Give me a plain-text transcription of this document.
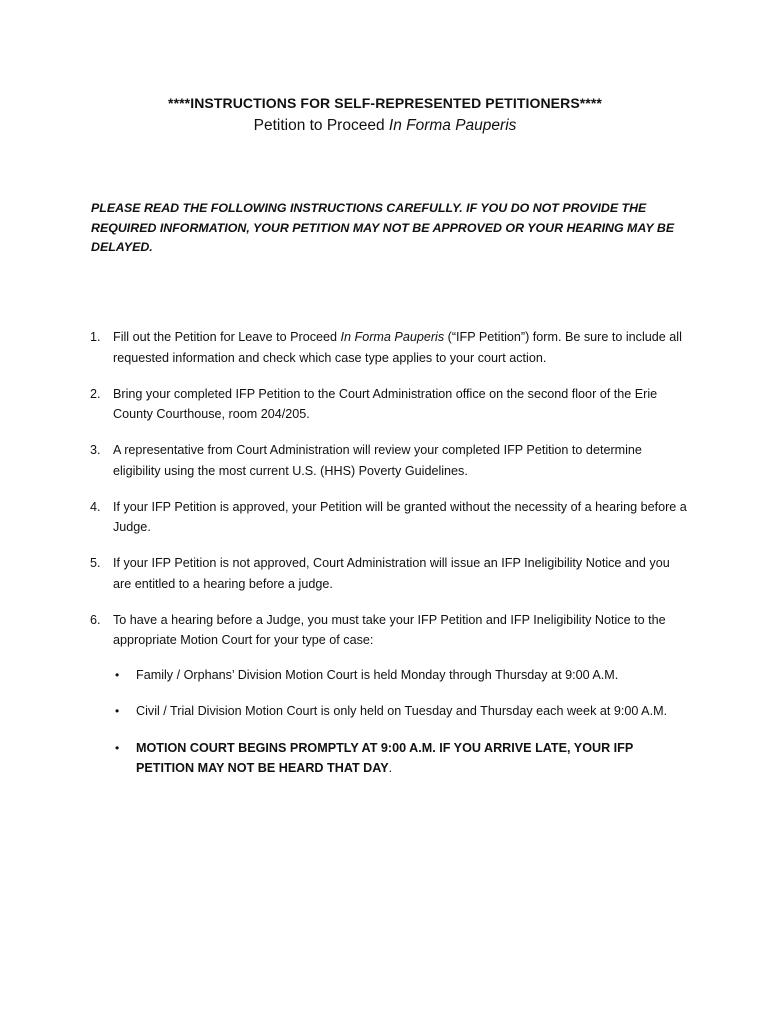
****INSTRUCTIONS FOR SELF-REPRESENTED PETITIONERS****
Petition to Proceed In Forma Pauperis
PLEASE READ THE FOLLOWING INSTRUCTIONS CAREFULLY. IF YOU DO NOT PROVIDE THE REQUIRED INFORMATION, YOUR PETITION MAY NOT BE APPROVED OR YOUR HEARING MAY BE DELAYED.
1. Fill out the Petition for Leave to Proceed In Forma Pauperis (“IFP Petition”) form. Be sure to include all requested information and check which case type applies to your court action.
2. Bring your completed IFP Petition to the Court Administration office on the second floor of the Erie County Courthouse, room 204/205.
3. A representative from Court Administration will review your completed IFP Petition to determine eligibility using the most current U.S. (HHS) Poverty Guidelines.
4. If your IFP Petition is approved, your Petition will be granted without the necessity of a hearing before a Judge.
5. If your IFP Petition is not approved, Court Administration will issue an IFP Ineligibility Notice and you are entitled to a hearing before a judge.
6. To have a hearing before a Judge, you must take your IFP Petition and IFP Ineligibility Notice to the appropriate Motion Court for your type of case:
• Family / Orphans’ Division Motion Court is held Monday through Thursday at 9:00 A.M.
• Civil / Trial Division Motion Court is only held on Tuesday and Thursday each week at 9:00 A.M.
• MOTION COURT BEGINS PROMPTLY AT 9:00 A.M. IF YOU ARRIVE LATE, YOUR IFP PETITION MAY NOT BE HEARD THAT DAY.
